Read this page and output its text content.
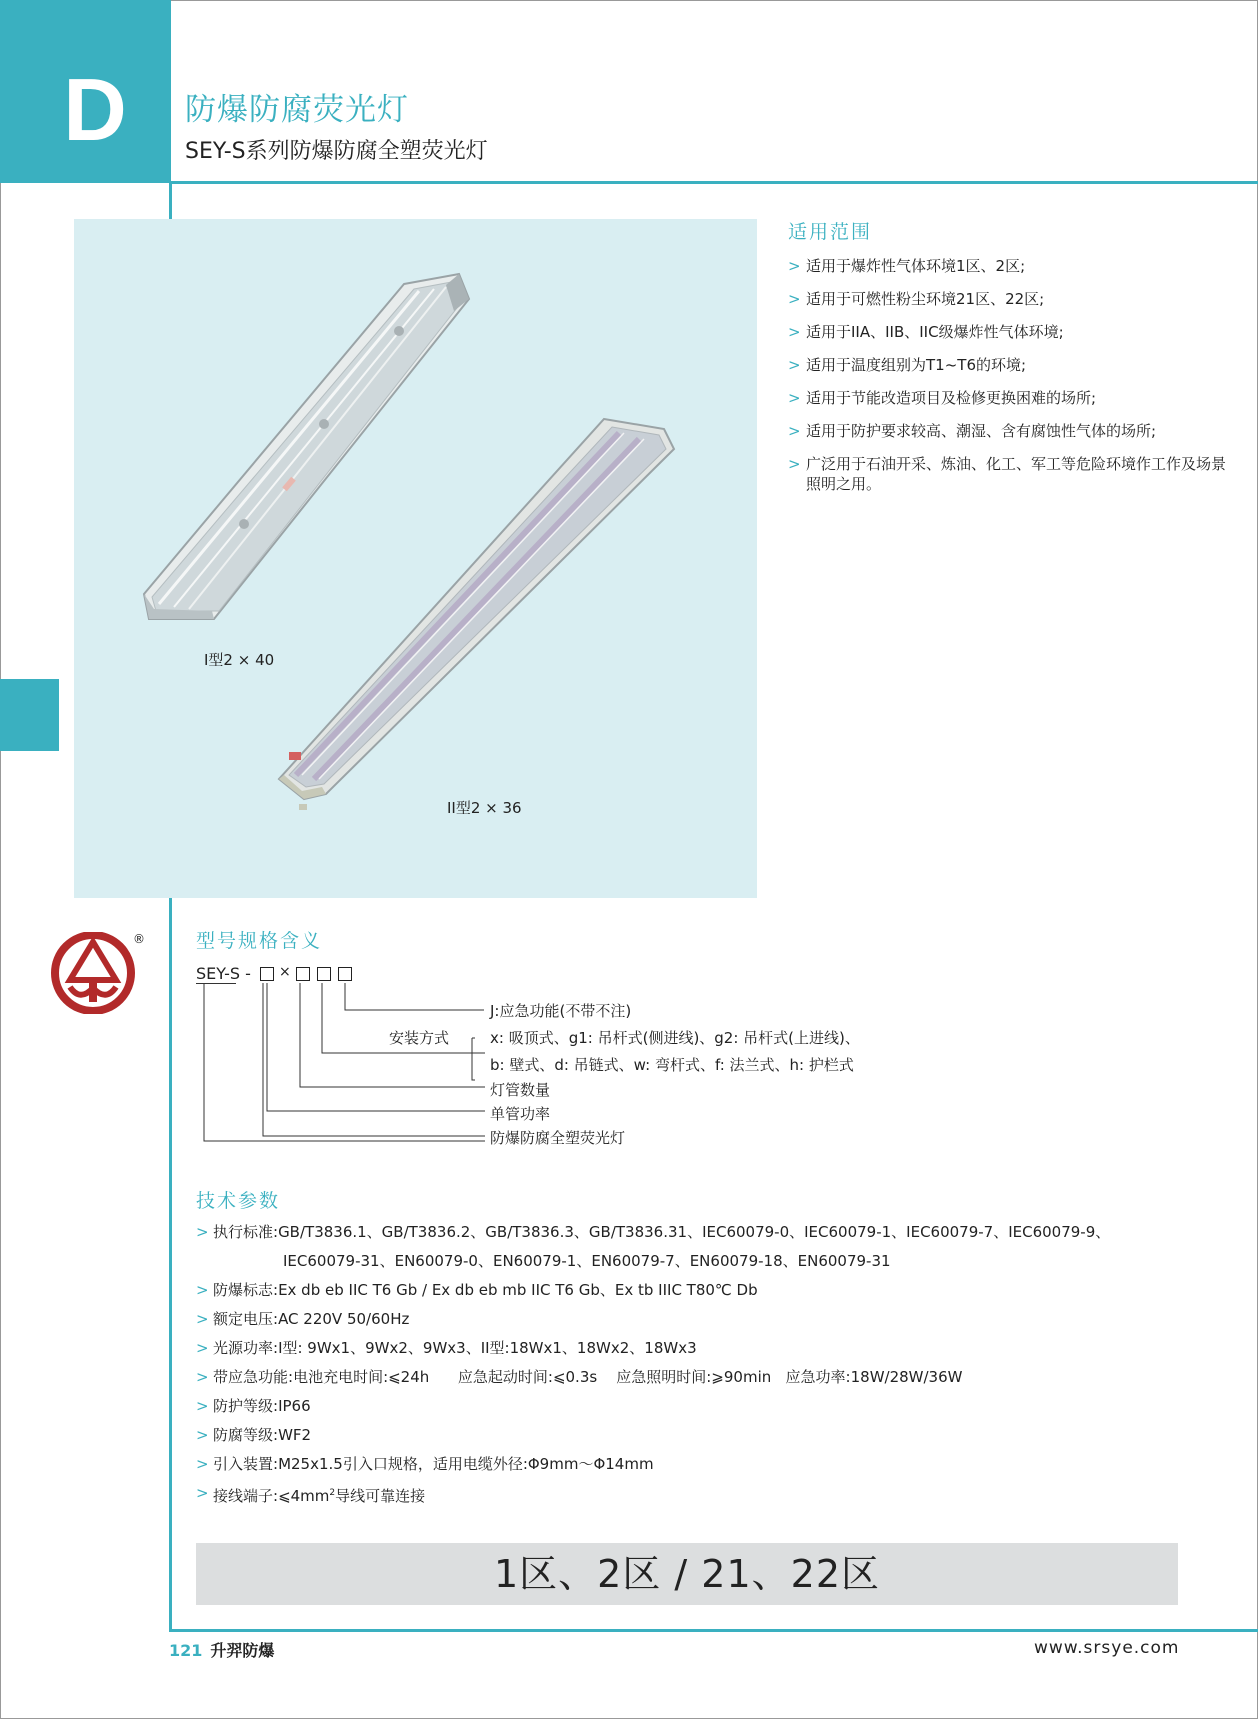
D	防爆防腐荧光灯
SEY-S系列防爆防腐全塑荧光灯
I型2 × 40
II型2 × 36
适用范围
> 适用于爆炸性气体环境1区、2区;
> 适用于可燃性粉尘环境21区、22区;
> 适用于IIA、IIB、IIC级爆炸性气体环境;
> 适用于温度组别为T1~T6的环境;
> 适用于节能改造项目及检修更换困难的场所;
> 适用于防护要求较高、潮湿、含有腐蚀性气体的场所;
> 广泛用于石油开采、炼油、化工、军工等危险环境作工作及场景照明之用。
®	型号规格含义
SEY-S - ×
J:应急功能(不带不注)
安装方式	x: 吸顶式、g1: 吊杆式(侧进线)、g2: 吊杆式(上进线)、
b: 壁式、d: 吊链式、w: 弯杆式、f: 法兰式、h: 护栏式
灯管数量
单管功率
防爆防腐全塑荧光灯
技术参数
> 执行标准:GB/T3836.1、GB/T3836.2、GB/T3836.3、GB/T3836.31、IEC60079-0、IEC60079-1、IEC60079-7、IEC60079-9、
IEC60079-31、EN60079-0、EN60079-1、EN60079-7、EN60079-18、EN60079-31
> 防爆标志:Ex db eb IIC T6 Gb / Ex db eb mb IIC T6 Gb、Ex tb IIIC T80℃ Db
> 额定电压:AC 220V 50/60Hz
> 光源功率:I型: 9Wx1、9Wx2、9Wx3、II型:18Wx1、18Wx2、18Wx3
> 带应急功能:电池充电时间:⩽24h      应急起动时间:⩽0.3s    应急照明时间:⩾90min   应急功率:18W/28W/36W
> 防护等级:IP66
> 防腐等级:WF2
> 引入装置:M25x1.5引入口规格，适用电缆外径:Φ9mm～Φ14mm
> 接线端子$:⩽4mm^2$导线可靠连接
1区、2区 / 21、22区
121 升羿防爆	www.srsye.com
